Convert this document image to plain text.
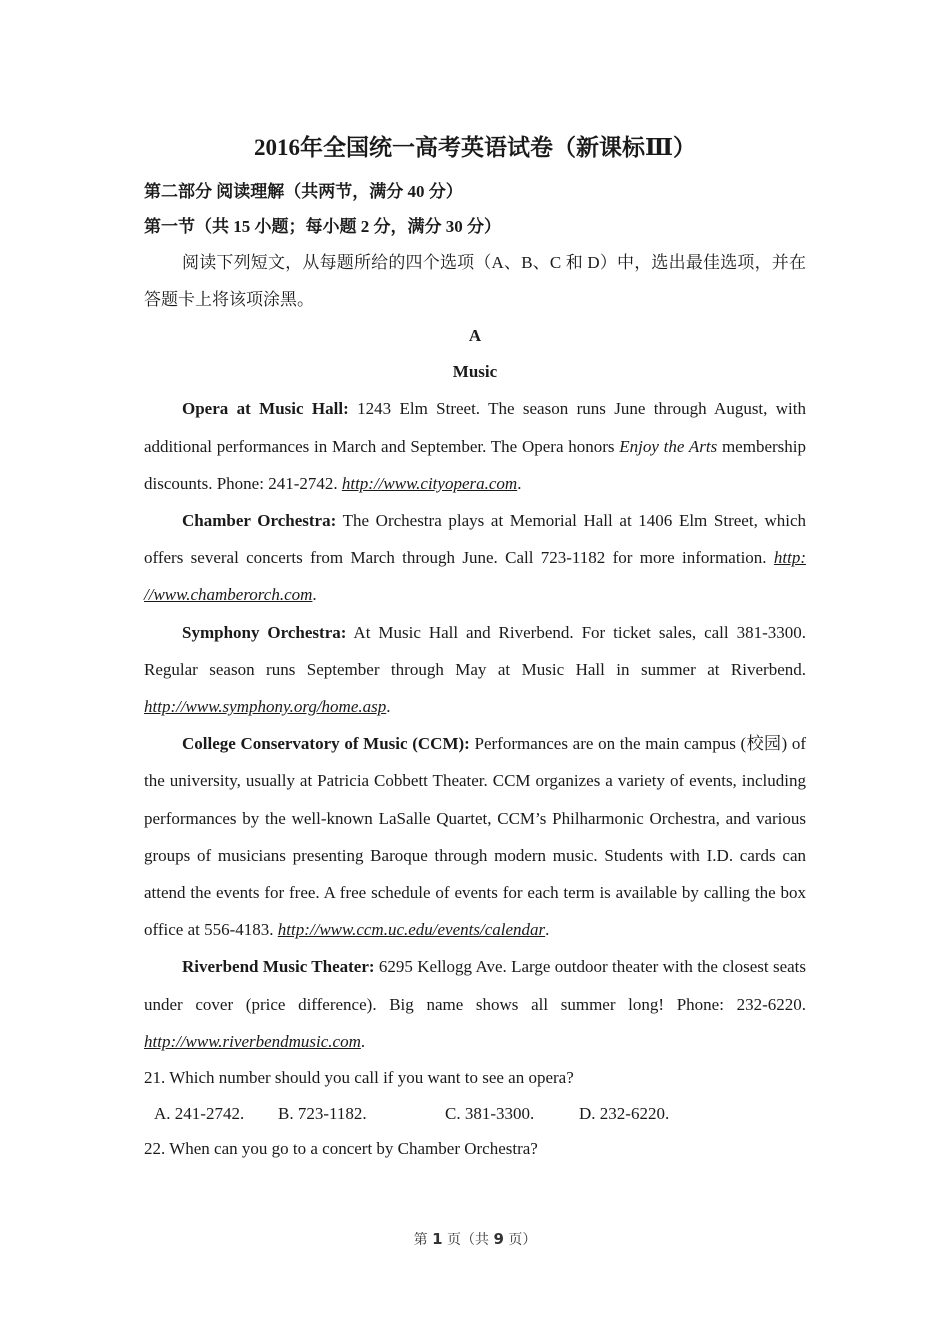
2016年全国统一高考英语试卷（新课标Ⅲ）

第二部分 阅读理解（共两节，满分 40 分）

第一节（共 15 小题；每小题 2 分，满分 30 分）

阅读下列短文，从每题所给的四个选项（A、B、C 和 D）中，选出最佳选项，并在答题卡上将该项涂黑。

A

Music

Opera at Music Hall: 1243 Elm Street. The season runs June through August, with additional performances in March and September. The Opera honors Enjoy the Arts membership discounts. Phone: 241-2742. http://www.cityopera.com.

Chamber Orchestra: The Orchestra plays at Memorial Hall at 1406 Elm Street, which offers several concerts from March through June. Call 723-1182 for more information. http: //www.chamberorch.com.

Symphony Orchestra: At Music Hall and Riverbend. For ticket sales, call 381-3300. Regular season runs September through May at Music Hall in summer at Riverbend. http://www.symphony.org/home.asp.

College Conservatory of Music (CCM): Performances are on the main campus (校园) of the university, usually at Patricia Cobbett Theater. CCM organizes a variety of events, including performances by the well-known LaSalle Quartet, CCM’s Philharmonic Orchestra, and various groups of musicians presenting Baroque through modern music. Students with I.D. cards can attend the events for free. A free schedule of events for each term is available by calling the box office at 556-4183. http://www.ccm.uc.edu/events/calendar.

Riverbend Music Theater: 6295 Kellogg Ave. Large outdoor theater with the closest seats under cover (price difference). Big name shows all summer long! Phone: 232-6220. http://www.riverbendmusic.com.

21. Which number should you call if you want to see an opera?

A. 241-2742. B. 723-1182.	C. 381-3300.	D. 232-6220.

22. When can you go to a concert by Chamber Orchestra?

第 1 页（共 9 页）
